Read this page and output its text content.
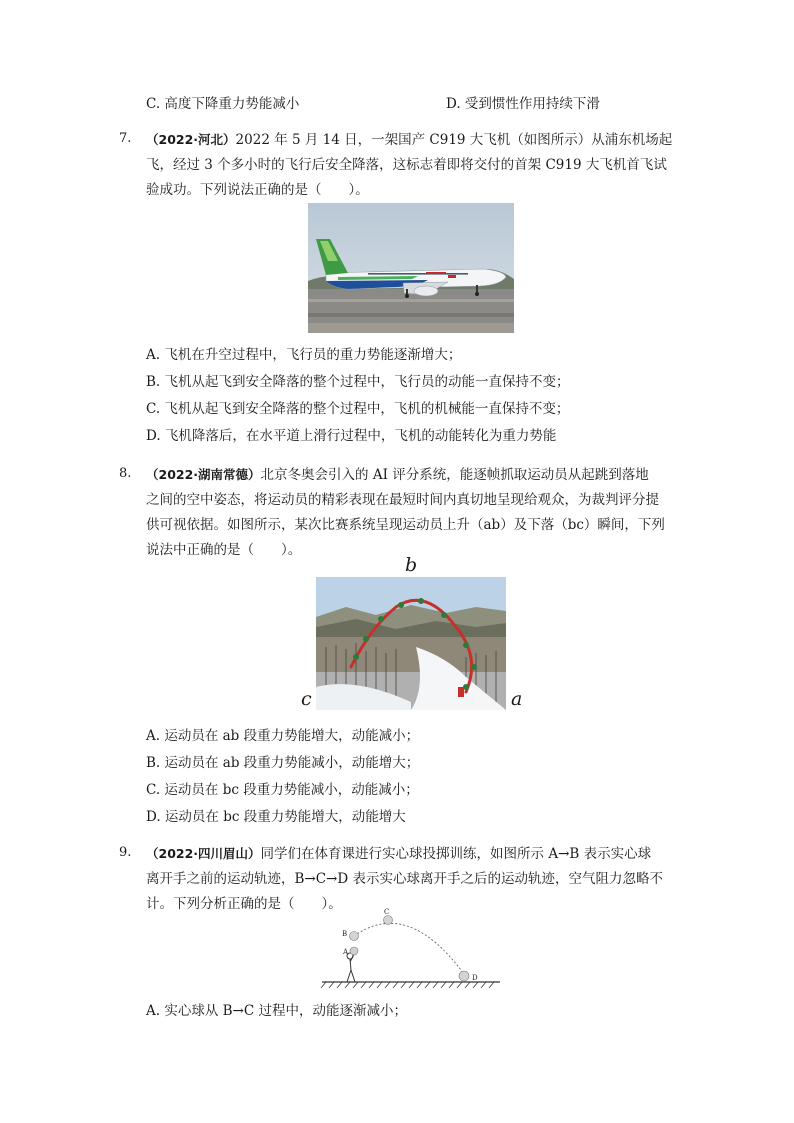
C. 高度下降重力势能减小	D. 受到惯性作用持续下滑
7. （2022·河北）2022 年 5 月 14 日，一架国产 C919 大飞机（如图所示）从浦东机场起
飞，经过 3 个多小时的飞行后安全降落，这标志着即将交付的首架 C919 大飞机首飞试
验成功。下列说法正确的是（　　）。
A. 飞机在升空过程中，飞行员的重力势能逐渐增大；
B. 飞机从起飞到安全降落的整个过程中，飞行员的动能一直保持不变；
C. 飞机从起飞到安全降落的整个过程中，飞机的机械能一直保持不变；
D. 飞机降落后，在水平道上滑行过程中，飞机的动能转化为重力势能
8. （2022·湖南常德）北京冬奥会引入的 AI 评分系统，能逐帧抓取运动员从起跳到落地
之间的空中姿态，将运动员的精彩表现在最短时间内真切地呈现给观众，为裁判评分提
供可视依据。如图所示，某次比赛系统呈现运动员上升（ab）及下落（bc）瞬间，下列
说法中正确的是（　　）。
b
c	a
A. 运动员在 ab 段重力势能增大，动能减小；
B. 运动员在 ab 段重力势能减小，动能增大；
C. 运动员在 bc 段重力势能减小，动能减小；
D. 运动员在 bc 段重力势能增大，动能增大
9. （2022·四川眉山）同学们在体育课进行实心球投掷训练，如图所示 A→B 表示实心球
离开手之前的运动轨迹，B→C→D 表示实心球离开手之后的运动轨迹，空气阻力忽略不
计。下列分析正确的是（　　）。
A
B
C
D
A. 实心球从 B→C 过程中，动能逐渐减小；
